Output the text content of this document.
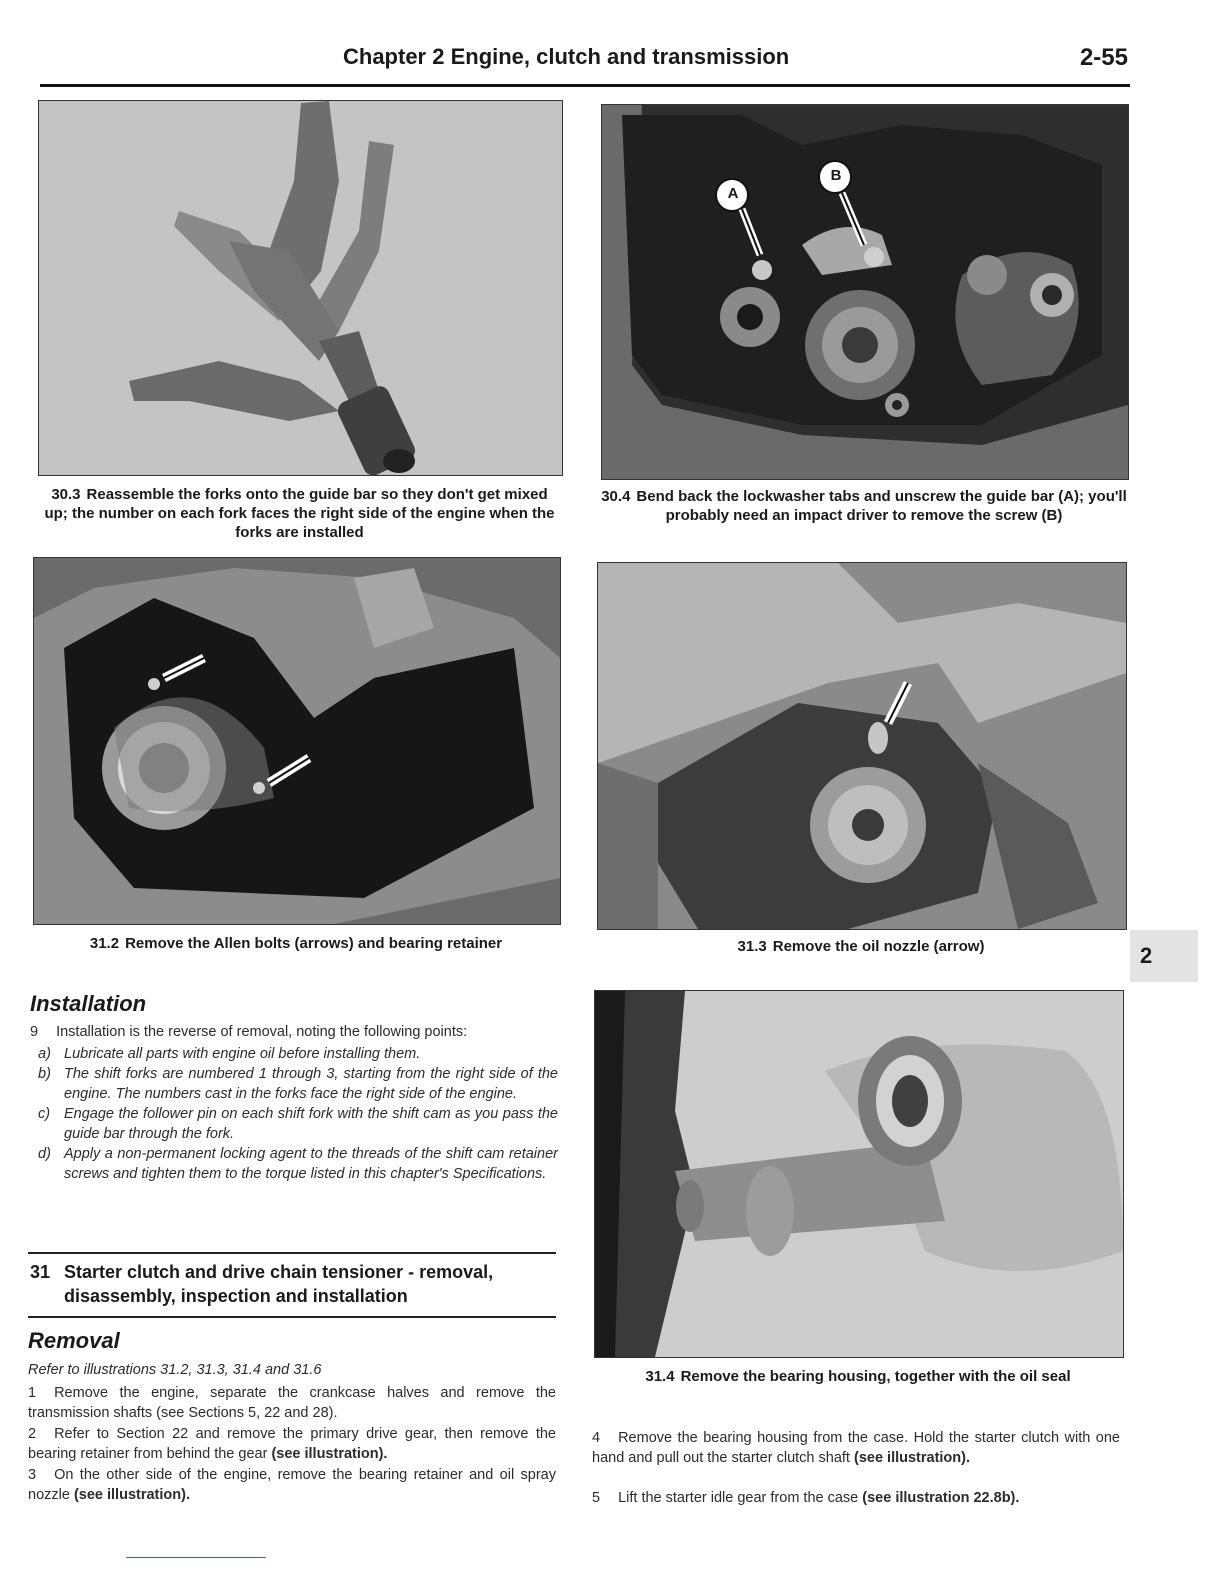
Chapter 2 Engine, clutch and transmission	2-55
30.3 Reassemble the forks onto the guide bar so they don't get mixed up; the number on each fork faces the right side of the engine when the forks are installed
A
B
30.4 Bend back the lockwasher tabs and unscrew the guide bar (A); you'll probably need an impact driver to remove the screw (B)
31.2 Remove the Allen bolts (arrows) and bearing retainer	31.3 Remove the oil nozzle (arrow)	2
31.4 Remove the bearing housing, together with the oil seal
Installation
9 Installation is the reverse of removal, noting the following points:
a) Lubricate all parts with engine oil before installing them.
b) The shift forks are numbered 1 through 3, starting from the right side of the engine. The numbers cast in the forks face the right side of the engine.
c) Engage the follower pin on each shift fork with the shift cam as you pass the guide bar through the fork.
d) Apply a non-permanent locking agent to the threads of the shift cam retainer screws and tighten them to the torque listed in this chapter's Specifications.
31 Starter clutch and drive chain tensioner - removal, disassembly, inspection and installation
Removal
Refer to illustrations 31.2, 31.3, 31.4 and 31.6
1 Remove the engine, separate the crankcase halves and remove the transmission shafts (see Sections 5, 22 and 28).
2 Refer to Section 22 and remove the primary drive gear, then remove the bearing retainer from behind the gear (see illustration).
3 On the other side of the engine, remove the bearing retainer and oil spray nozzle (see illustration).
4 Remove the bearing housing from the case. Hold the starter clutch with one hand and pull out the starter clutch shaft (see illustration).
5 Lift the starter idle gear from the case (see illustration 22.8b).
